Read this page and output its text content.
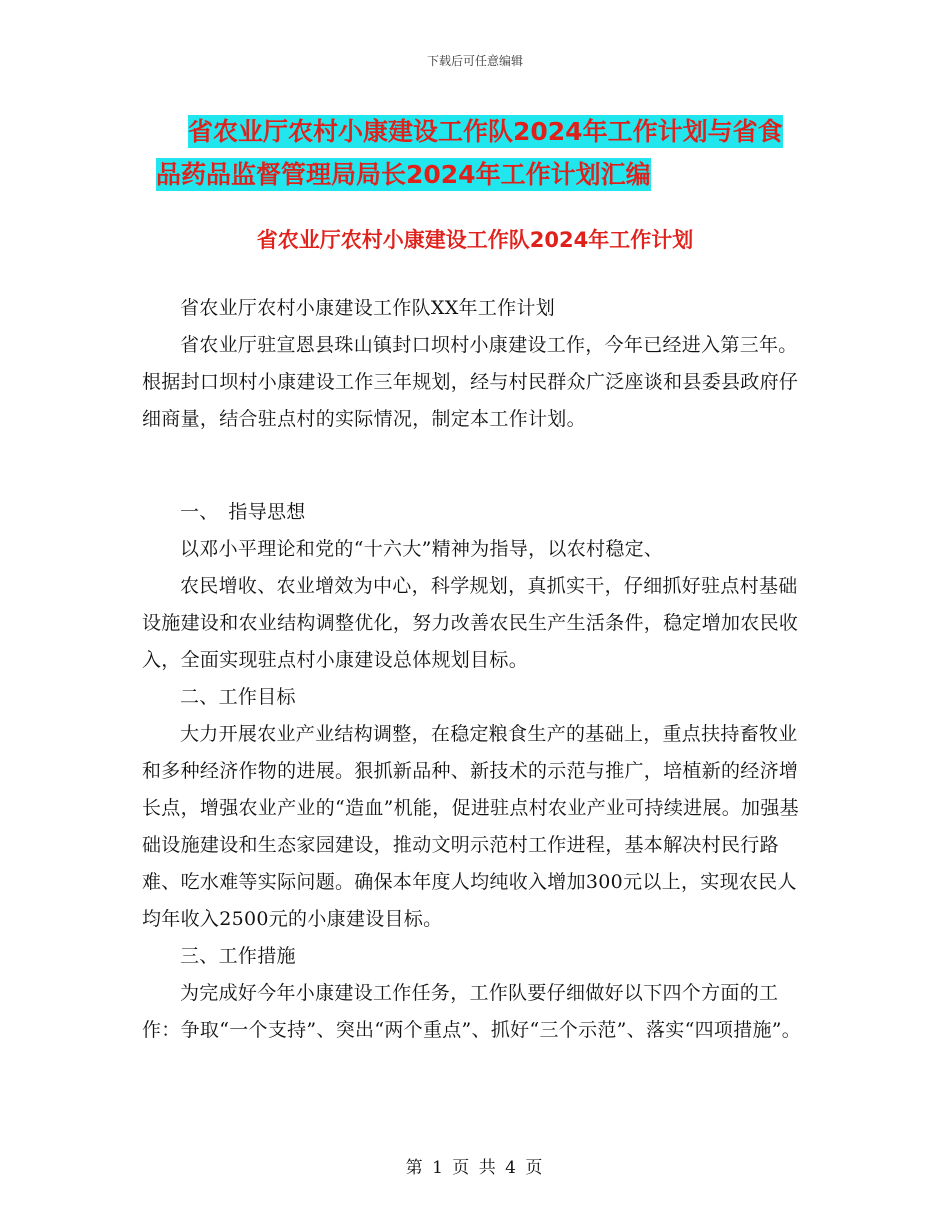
下载后可任意编辑
省农业厅农村小康建设工作队2024年工作计划与省食
品药品监督管理局局长2024年工作计划汇编
省农业厅农村小康建设工作队2024年工作计划

省农业厅农村小康建设工作队XX年工作计划

省农业厅驻宣恩县珠山镇封口坝村小康建设工作，今年已经进入第三年。根据封口坝村小康建设工作三年规划，经与村民群众广泛座谈和县委县政府仔细商量，结合驻点村的实际情况，制定本工作计划。

一、　指导思想

以邓小平理论和党的“十六大”精神为指导，以农村稳定、

农民增收、农业增效为中心，科学规划，真抓实干，仔细抓好驻点村基础设施建设和农业结构调整优化，努力改善农民生产生活条件，稳定增加农民收入，全面实现驻点村小康建设总体规划目标。

二、工作目标

大力开展农业产业结构调整，在稳定粮食生产的基础上，重点扶持畜牧业和多种经济作物的进展。狠抓新品种、新技术的示范与推广，培植新的经济增长点，增强农业产业的“造血”机能，促进驻点村农业产业可持续进展。加强基础设施建设和生态家园建设，推动文明示范村工作进程，基本解决村民行路难、吃水难等实际问题。确保本年度人均纯收入增加300元以上，实现农民人均年收入2500元的小康建设目标。

三、工作措施

为完成好今年小康建设工作任务，工作队要仔细做好以下四个方面的工作：争取“一个支持”、突出“两个重点”、抓好“三个示范”、落实“四项措施”。

第 1 页 共 4 页
